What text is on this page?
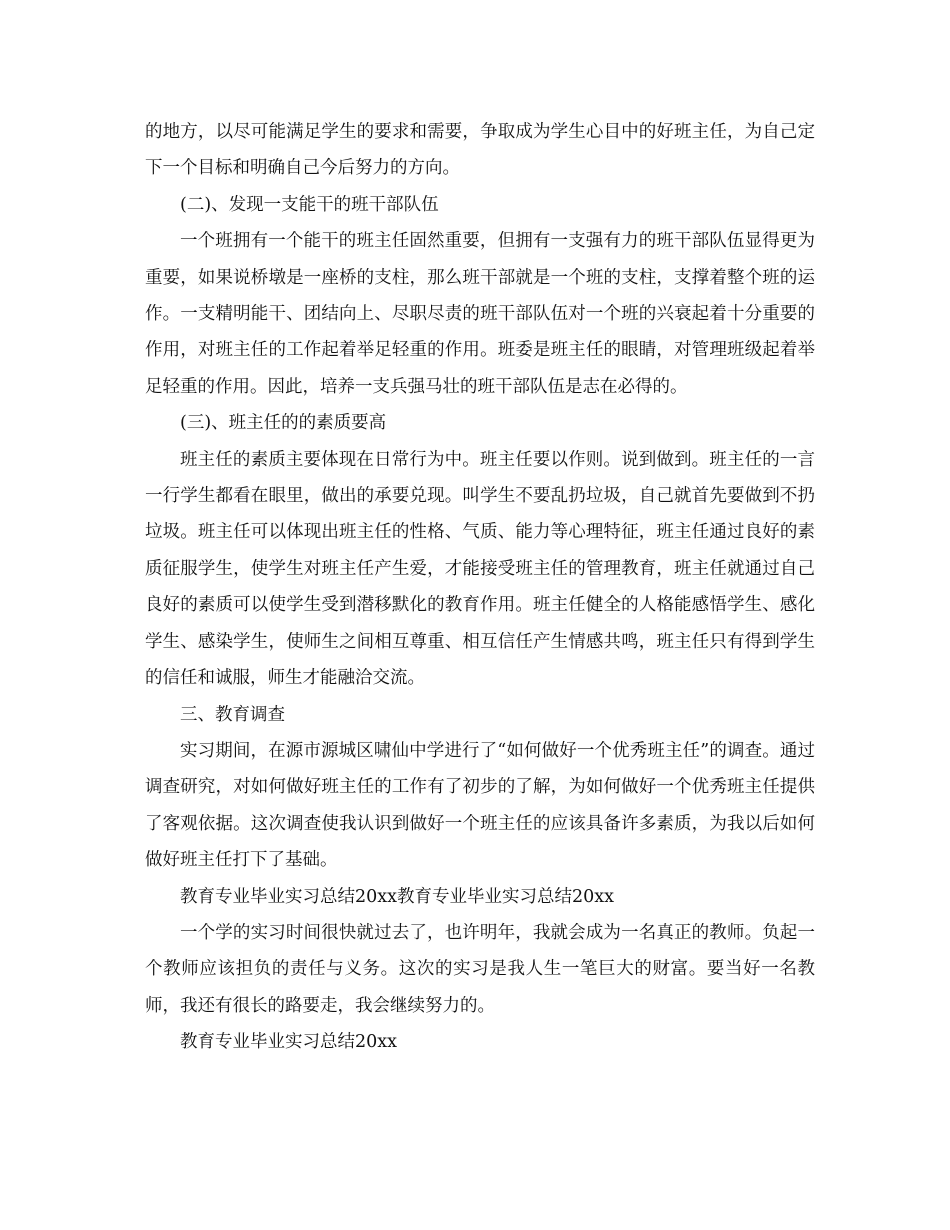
的地方，以尽可能满足学生的要求和需要，争取成为学生心目中的好班主任，为自己定下一个目标和明确自己今后努力的方向。

(二)、发现一支能干的班干部队伍

一个班拥有一个能干的班主任固然重要，但拥有一支强有力的班干部队伍显得更为重要，如果说桥墩是一座桥的支柱，那么班干部就是一个班的支柱，支撑着整个班的运作。一支精明能干、团结向上、尽职尽责的班干部队伍对一个班的兴衰起着十分重要的作用，对班主任的工作起着举足轻重的作用。班委是班主任的眼睛，对管理班级起着举足轻重的作用。因此，培养一支兵强马壮的班干部队伍是志在必得的。

(三)、班主任的的素质要高

班主任的素质主要体现在日常行为中。班主任要以作则。说到做到。班主任的一言一行学生都看在眼里，做出的承要兑现。叫学生不要乱扔垃圾，自己就首先要做到不扔垃圾。班主任可以体现出班主任的性格、气质、能力等心理特征，班主任通过良好的素质征服学生，使学生对班主任产生爱，才能接受班主任的管理教育，班主任就通过自己良好的素质可以使学生受到潜移默化的教育作用。班主任健全的人格能感悟学生、感化学生、感染学生，使师生之间相互尊重、相互信任产生情感共鸣，班主任只有得到学生的信任和诚服，师生才能融洽交流。

三、教育调查

实习期间，在源市源城区啸仙中学进行了“如何做好一个优秀班主任”的调查。通过调查研究，对如何做好班主任的工作有了初步的了解，为如何做好一个优秀班主任提供了客观依据。这次调查使我认识到做好一个班主任的应该具备许多素质，为我以后如何做好班主任打下了基础。

教育专业毕业实习总结20xx教育专业毕业实习总结20xx

一个学的实习时间很快就过去了，也许明年，我就会成为一名真正的教师。负起一个教师应该担负的责任与义务。这次的实习是我人生一笔巨大的财富。要当好一名教师，我还有很长的路要走，我会继续努力的。

教育专业毕业实习总结20xx
